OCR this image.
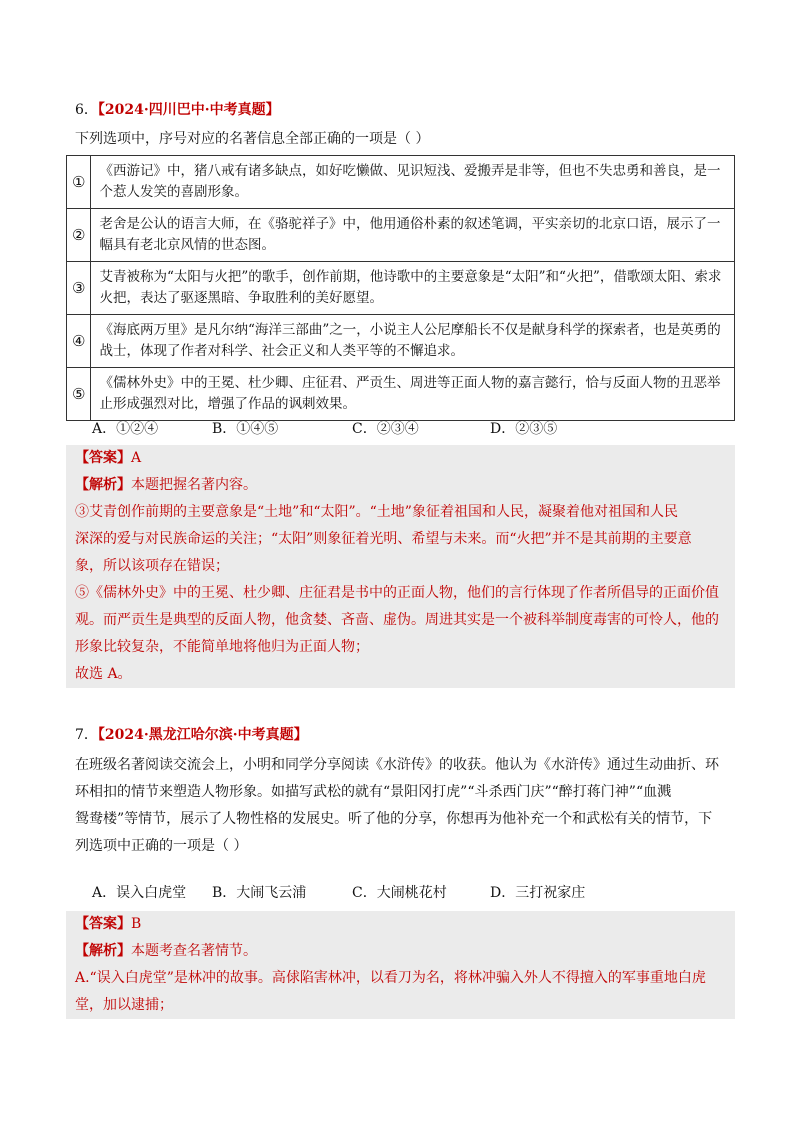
6．【2024·四川巴中·中考真题】
下列选项中，序号对应的名著信息全部正确的一项是（ ）
①	《西游记》中，猪八戒有诸多缺点，如好吃懒做、见识短浅、爱搬弄是非等，但也不失忠勇和善良，是一个惹人发笑的喜剧形象。
②	老舍是公认的语言大师，在《骆驼祥子》中，他用通俗朴素的叙述笔调，平实亲切的北京口语，展示了一幅具有老北京风情的世态图。
③	艾青被称为“太阳与火把”的歌手，创作前期，他诗歌中的主要意象是“太阳”和“火把”，借歌颂太阳、索求火把，表达了驱逐黑暗、争取胜利的美好愿望。
④	《海底两万里》是凡尔纳“海洋三部曲”之一，小说主人公尼摩船长不仅是献身科学的探索者，也是英勇的战士，体现了作者对科学、社会正义和人类平等的不懈追求。
⑤	《儒林外史》中的王冕、杜少卿、庄征君、严贡生、周进等正面人物的嘉言懿行，恰与反面人物的丑恶举止形成强烈对比，增强了作品的讽刺效果。
A．①②④	B．①④⑤	C．②③④	D．②③⑤
【答案】A
【解析】本题把握名著内容。
③艾青创作前期的主要意象是“土地”和“太阳”。“土地”象征着祖国和人民，凝聚着他对祖国和人民
深深的爱与对民族命运的关注；“太阳”则象征着光明、希望与未来。而“火把”并不是其前期的主要意
象，所以该项存在错误；
⑤《儒林外史》中的王冕、杜少卿、庄征君是书中的正面人物，他们的言行体现了作者所倡导的正面价值
观。而严贡生是典型的反面人物，他贪婪、吝啬、虚伪。周进其实是一个被科举制度毒害的可怜人，他的
形象比较复杂，不能简单地将他归为正面人物；
故选 A。
7．【2024·黑龙江哈尔滨·中考真题】
在班级名著阅读交流会上，小明和同学分享阅读《水浒传》的收获。他认为《水浒传》通过生动曲折、环
环相扣的情节来塑造人物形象。如描写武松的就有“景阳冈打虎”“斗杀西门庆”“醉打蒋门神”“血溅
鸳鸯楼”等情节，展示了人物性格的发展史。听了他的分享，你想再为他补充一个和武松有关的情节，下
列选项中正确的一项是（ ）
A．误入白虎堂 B．大闹飞云浦	C．大闹桃花村	D．三打祝家庄
【答案】B
【解析】本题考查名著情节。
A.“误入白虎堂”是林冲的故事。高俅陷害林冲，以看刀为名，将林冲骗入外人不得擅入的军事重地白虎
堂，加以逮捕；
